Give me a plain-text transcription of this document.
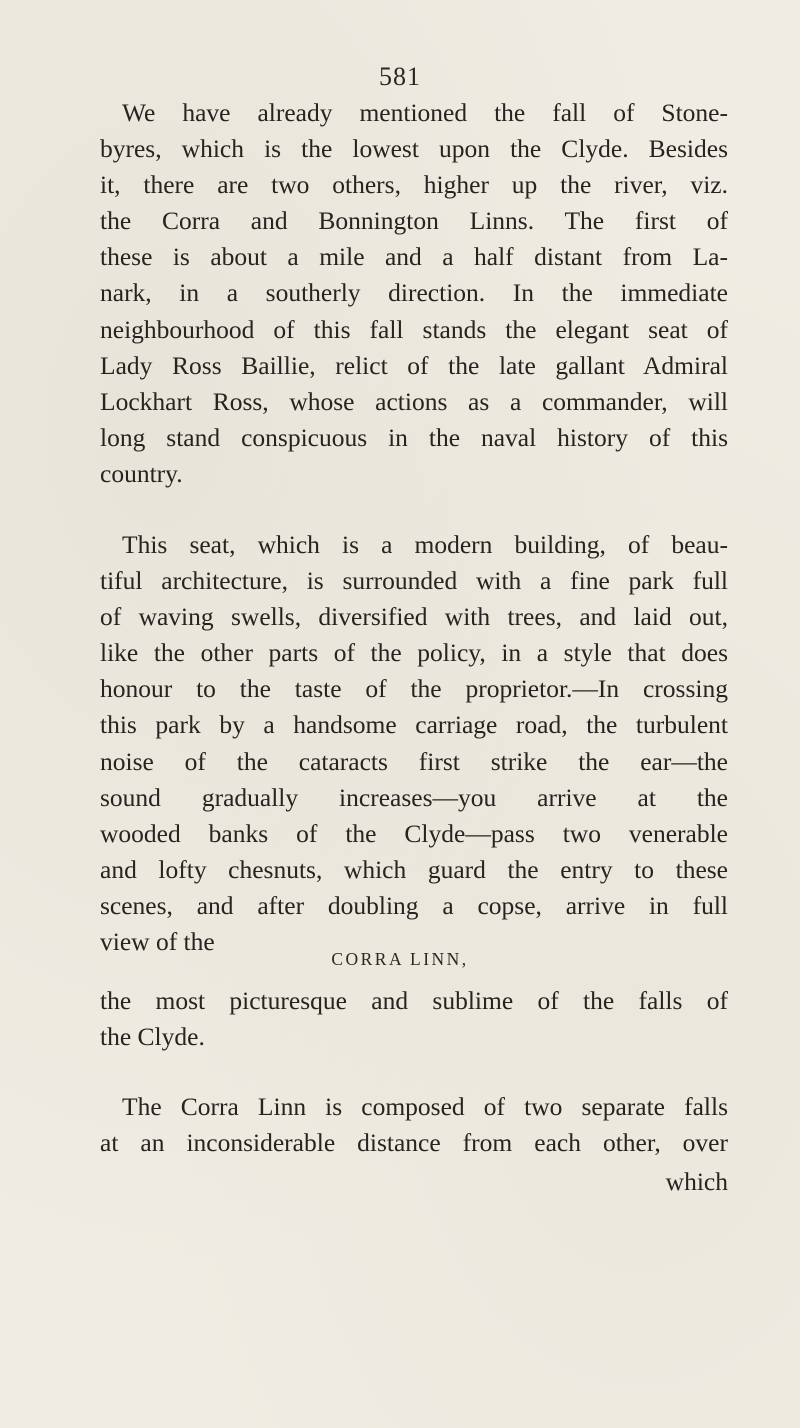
581
We have already mentioned the fall of Stone-
byres, which is the lowest upon the Clyde. Besides
it, there are two others, higher up the river, viz.
the Corra and Bonnington Linns. The first of
these is about a mile and a half distant from La-
nark, in a southerly direction. In the immediate
neighbourhood of this fall stands the elegant seat of
Lady Ross Baillie, relict of the late gallant Admiral
Lockhart Ross, whose actions as a commander, will
long stand conspicuous in the naval history of this
country.
This seat, which is a modern building, of beau-
tiful architecture, is surrounded with a fine park full
of waving swells, diversified with trees, and laid out,
like the other parts of the policy, in a style that does
honour to the taste of the proprietor.—In crossing
this park by a handsome carriage road, the turbulent
noise of the cataracts first strike the ear—the
sound gradually increases—you arrive at the
wooded banks of the Clyde—pass two venerable
and lofty chesnuts, which guard the entry to these
scenes, and after doubling a copse, arrive in full
view of the
CORRA LINN,
the most picturesque and sublime of the falls of
the Clyde.
The Corra Linn is composed of two separate falls
at an inconsiderable distance from each other, over
which
